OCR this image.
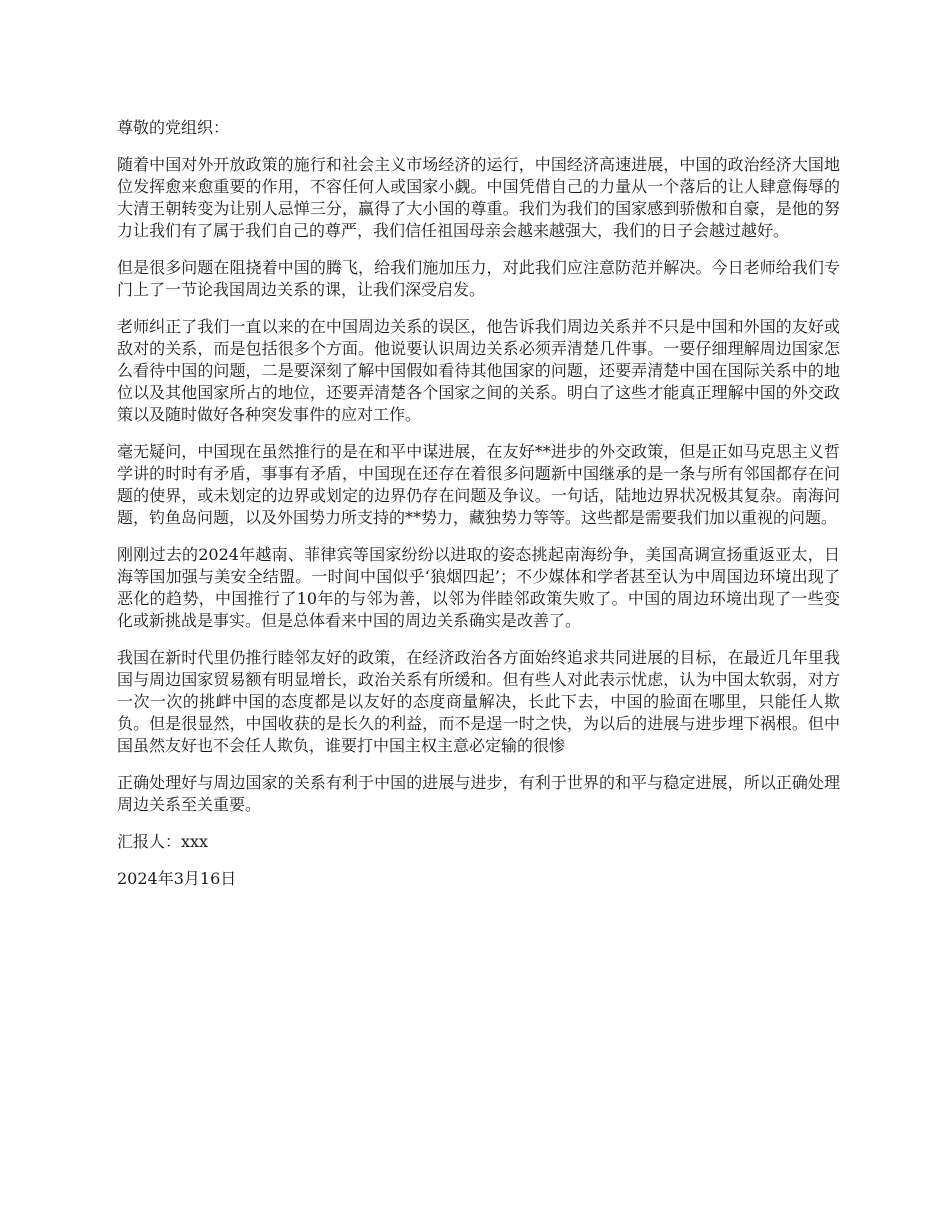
尊敬的党组织：

随着中国对外开放政策的施行和社会主义市场经济的运行，中国经济高速进展，中国的政治经济大国地位发挥愈来愈重要的作用，不容任何人或国家小觑。中国凭借自己的力量从一个落后的让人肆意侮辱的大清王朝转变为让别人忌惮三分，赢得了大小国的尊重。我们为我们的国家感到骄傲和自豪，是他的努力让我们有了属于我们自己的尊严，我们信任祖国母亲会越来越强大，我们的日子会越过越好。

但是很多问题在阻挠着中国的腾飞，给我们施加压力，对此我们应注意防范并解决。今日老师给我们专门上了一节论我国周边关系的课，让我们深受启发。

老师纠正了我们一直以来的在中国周边关系的误区，他告诉我们周边关系并不只是中国和外国的友好或敌对的关系，而是包括很多个方面。他说要认识周边关系必须弄清楚几件事。一要仔细理解周边国家怎么看待中国的问题，二是要深刻了解中国假如看待其他国家的问题，还要弄清楚中国在国际关系中的地位以及其他国家所占的地位，还要弄清楚各个国家之间的关系。明白了这些才能真正理解中国的外交政策以及随时做好各种突发事件的应对工作。

毫无疑问，中国现在虽然推行的是在和平中谋进展，在友好**进步的外交政策，但是正如马克思主义哲学讲的时时有矛盾，事事有矛盾，中国现在还存在着很多问题新中国继承的是一条与所有邻国都存在问题的使界，或未划定的边界或划定的边界仍存在问题及争议。一句话，陆地边界状况极其复杂。南海问题，钓鱼岛问题，以及外国势力所支持的**势力，藏独势力等等。这些都是需要我们加以重视的问题。

刚刚过去的2024年越南、菲律宾等国家纷纷以进取的姿态挑起南海纷争，美国高调宣扬重返亚太，日海等国加强与美安全结盟。一时间中国似乎‘狼烟四起’；不少媒体和学者甚至认为中周国边环境出现了恶化的趋势，中国推行了10年的与邻为善，以邻为伴睦邻政策失败了。中国的周边环境出现了一些变化或新挑战是事实。但是总体看来中国的周边关系确实是改善了。

我国在新时代里仍推行睦邻友好的政策，在经济政治各方面始终追求共同进展的目标，在最近几年里我国与周边国家贸易额有明显增长，政治关系有所缓和。但有些人对此表示忧虑，认为中国太软弱，对方一次一次的挑衅中国的态度都是以友好的态度商量解决，长此下去，中国的脸面在哪里，只能任人欺负。但是很显然，中国收获的是长久的利益，而不是逞一时之快，为以后的进展与进步埋下祸根。但中国虽然友好也不会任人欺负，谁要打中国主权主意必定输的很惨

正确处理好与周边国家的关系有利于中国的进展与进步，有利于世界的和平与稳定进展，所以正确处理周边关系至关重要。

汇报人：xxx

2024年3月16日
